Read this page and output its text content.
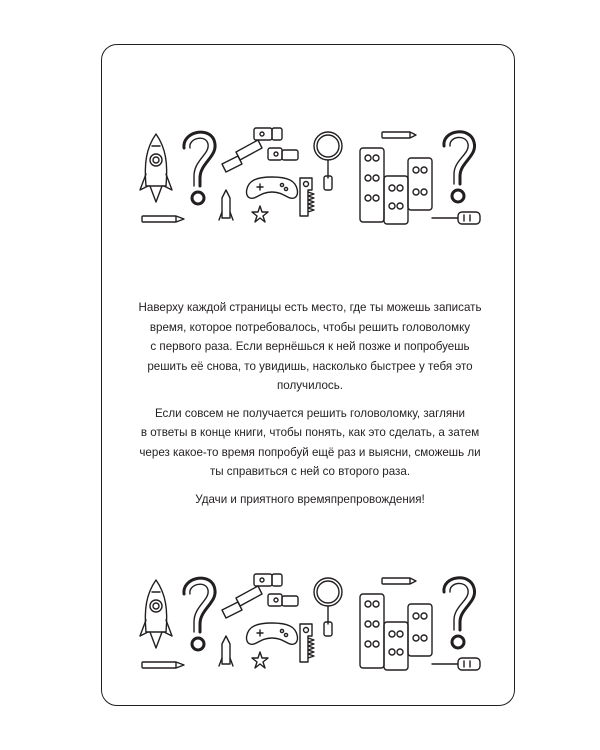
Наверху каждой страницы есть место, где ты можешь записать
время, которое потребовалось, чтобы решить головоломку
с первого раза. Если вернёшься к ней позже и попробуешь
решить её снова, то увидишь, насколько быстрее у тебя это
получилось.

Если совсем не получается решить головоломку, загляни
в ответы в конце книги, чтобы понять, как это сделать, а затем
через какое-то время попробуй ещё раз и выясни, сможешь ли
ты справиться с ней со второго раза.

Удачи и приятного времяпрепровождения!
